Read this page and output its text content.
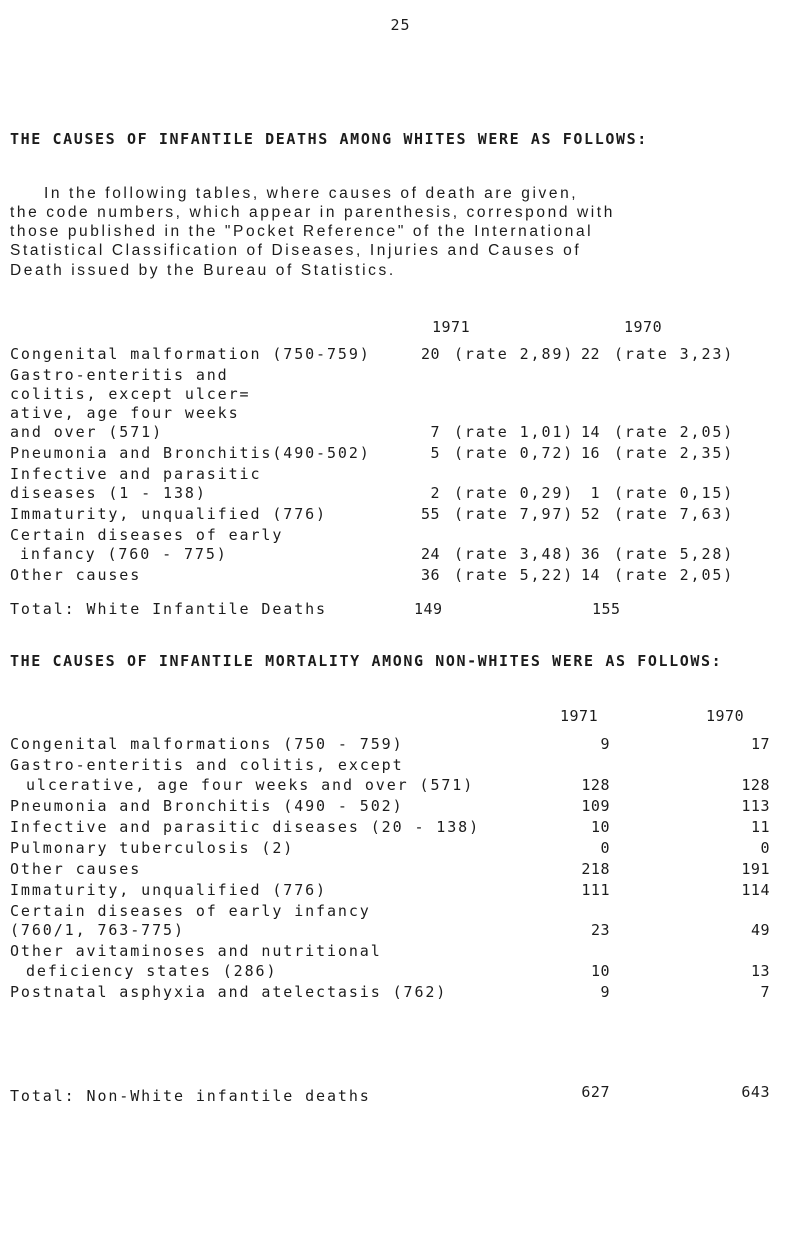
25
THE CAUSES OF INFANTILE DEATHS AMONG WHITES WERE AS FOLLOWS:
In the following tables, where causes of death are given,
the code numbers, which appear in parenthesis, correspond with
those published in the "Pocket Reference" of the International
Statistical Classification of Diseases, Injuries and Causes of
Death issued by the Bureau of Statistics.
1971	1970
Congenital malformation (750-759)	20 (rate 2,89) 22 (rate 3,23)
Gastro-enteritis and
colitis, except ulcer=
ative, age four weeks
and over (571)	7 (rate 1,01) 14 (rate 2,05)
Pneumonia and Bronchitis(490-502)	5 (rate 0,72) 16 (rate 2,35)
Infective and parasitic
diseases (1 - 138)	2 (rate 0,29)	1 (rate 0,15)
Immaturity, unqualified (776)	55 (rate 7,97) 52 (rate 7,63)
Certain diseases of early
infancy (760 - 775)	24 (rate 3,48) 36 (rate 5,28)
Other causes	36 (rate 5,22) 14 (rate 2,05)
Total: White Infantile Deaths	149	155
THE CAUSES OF INFANTILE MORTALITY AMONG NON-WHITES WERE AS FOLLOWS:
1971	1970
Congenital malformations (750 - 759)	9	17
Gastro-enteritis and colitis, except
ulcerative, age four weeks and over (571)	128	128
Pneumonia and Bronchitis (490 - 502)	109	113
Infective and parasitic diseases (20 - 138)	10	11
Pulmonary tuberculosis (2)	0	0
Other causes	218	191
Immaturity, unqualified (776)	111	114
Certain diseases of early infancy
(760/1, 763-775)	23	49
Other avitaminoses and nutritional
deficiency states (286)	10	13
Postnatal asphyxia and atelectasis (762)	9	7
Total: Non-White infantile deaths	627	643
